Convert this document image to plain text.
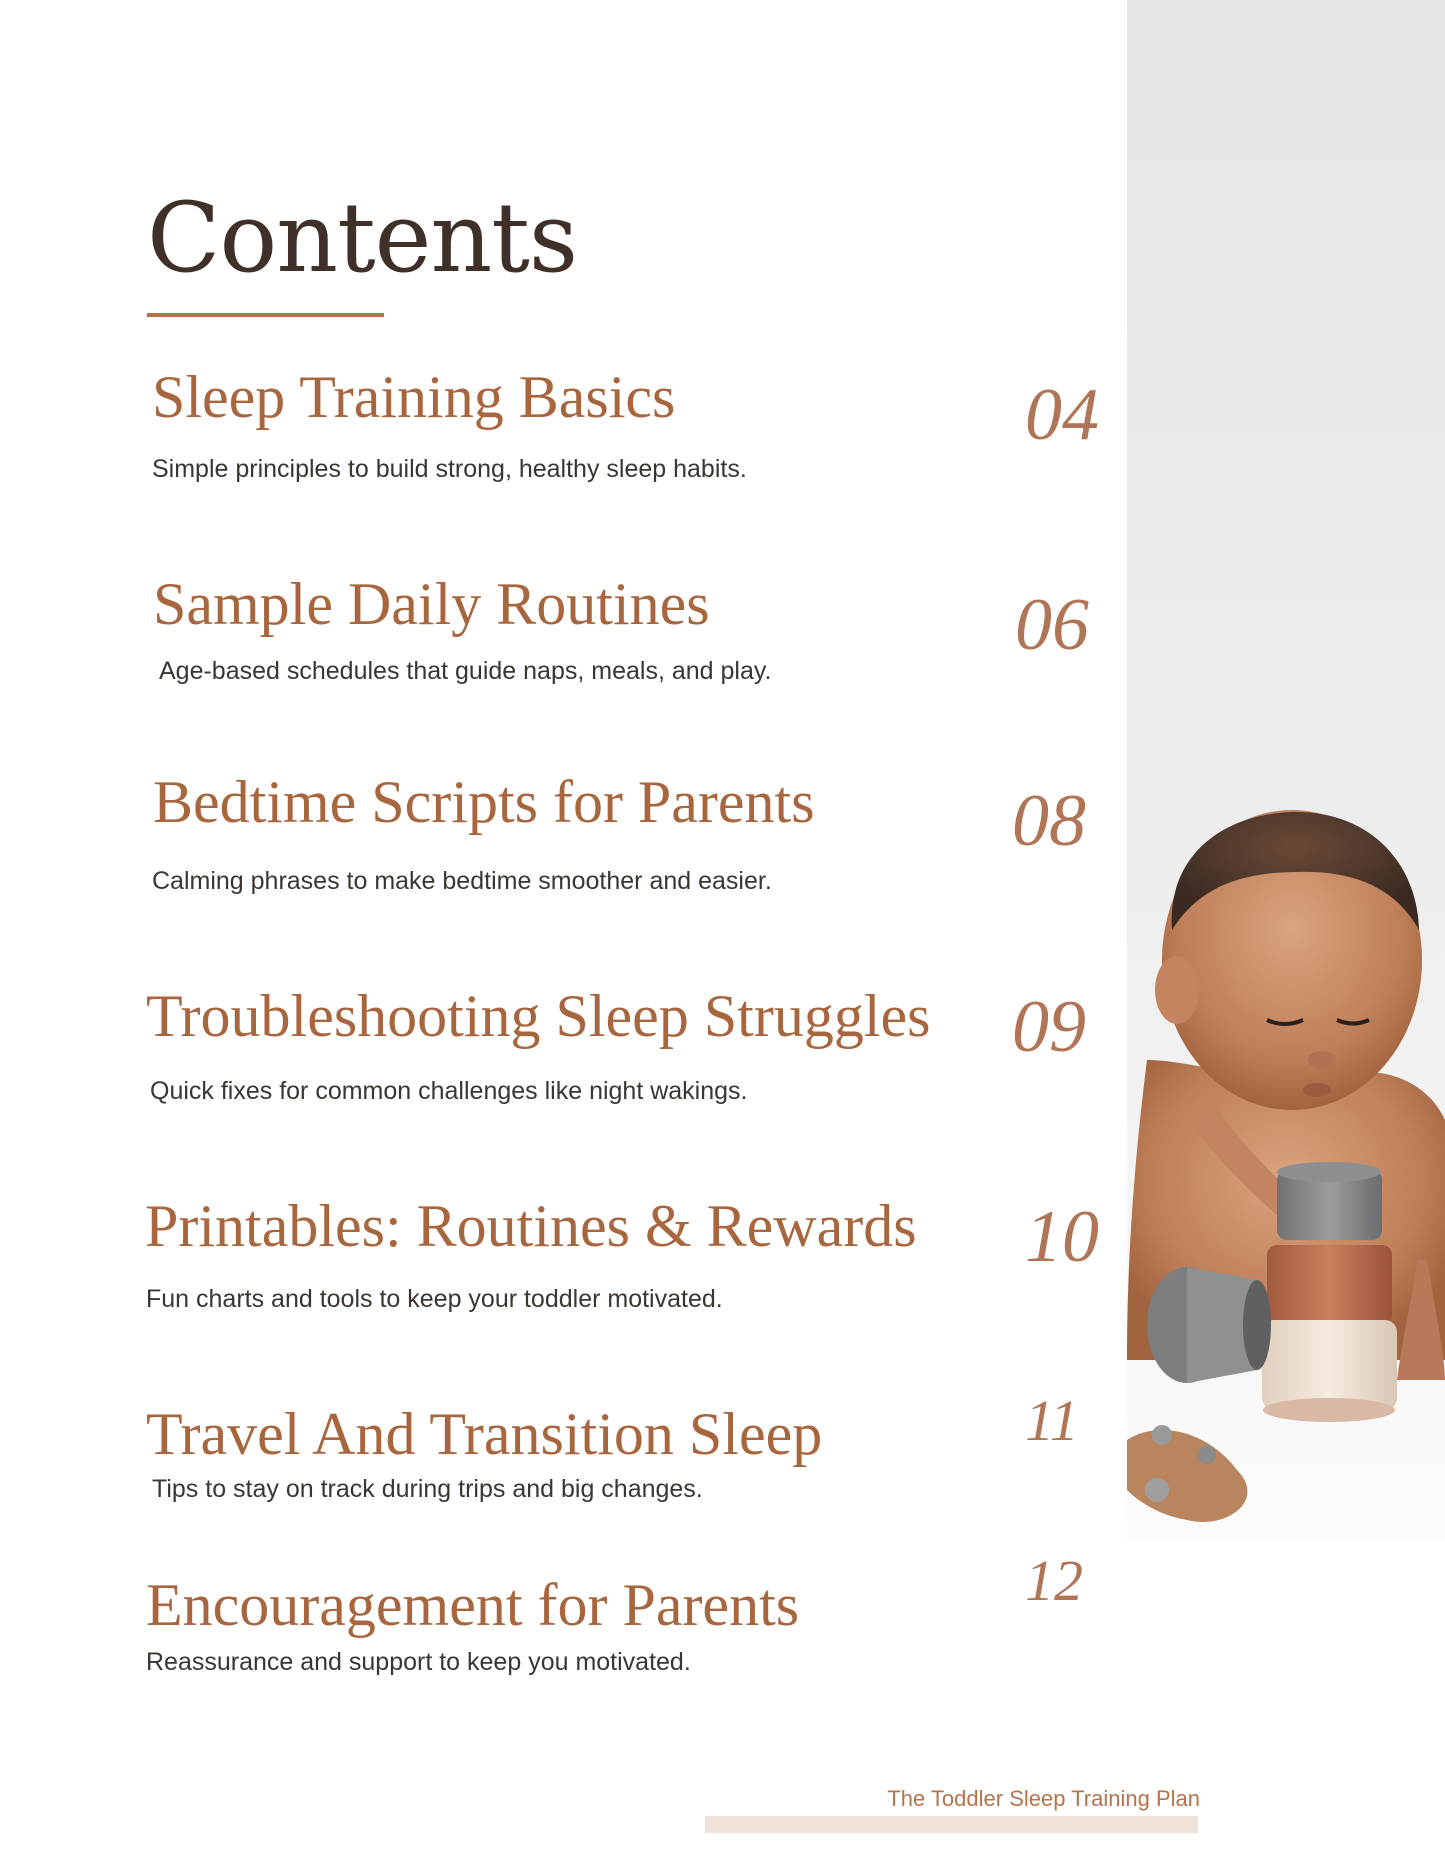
Contents
Sleep Training Basics

Simple principles to build strong, healthy sleep habits.

04
Sample Daily Routines

Age-based schedules that guide naps, meals, and play.

06
Bedtime Scripts for Parents

Calming phrases to make bedtime smoother and easier.

08
Troubleshooting Sleep Struggles

Quick fixes for common challenges like night wakings.

09
Printables: Routines & Rewards

Fun charts and tools to keep your toddler motivated.

10
Travel And Transition Sleep

Tips to stay on track during trips and big changes.

11
Encouragement for Parents

Reassurance and support to keep you motivated.

12

The Toddler Sleep Training Plan
